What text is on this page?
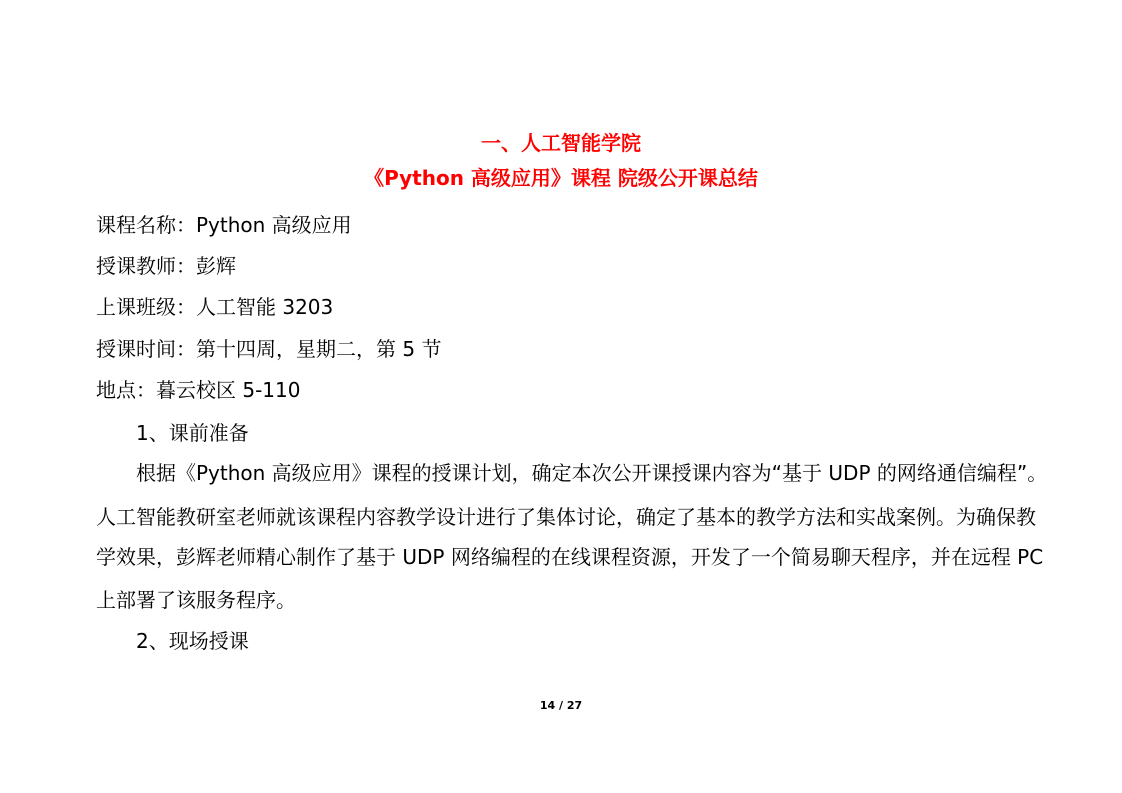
一、人工智能学院
《Python 高级应用》课程 院级公开课总结
课程名称：Python 高级应用
授课教师：彭辉
上课班级：人工智能 3203
授课时间：第十四周，星期二，第 5 节
地点：暮云校区 5-110
1、课前准备
根据《Python 高级应用》课程的授课计划，确定本次公开课授课内容为“基于 UDP 的网络通信编程”。
人工智能教研室老师就该课程内容教学设计进行了集体讨论，确定了基本的教学方法和实战案例。为确保教
学效果，彭辉老师精心制作了基于 UDP 网络编程的在线课程资源，开发了一个简易聊天程序，并在远程 PC
上部署了该服务程序。
2、现场授课
14 / 27
